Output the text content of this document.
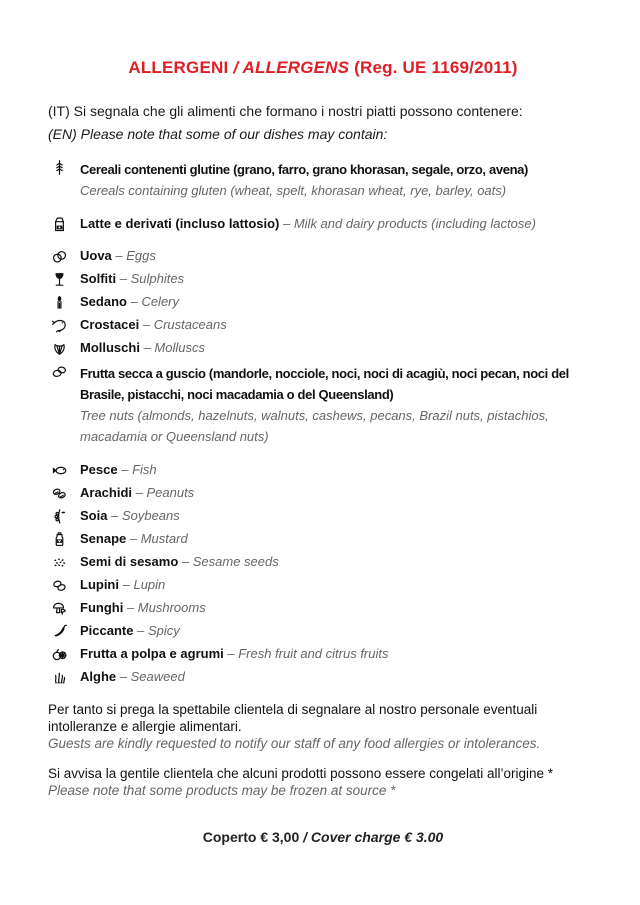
ALLERGENI / ALLERGENS (Reg. UE 1169/2011)
(IT) Si segnala che gli alimenti che formano i nostri piatti possono contenere:
(EN) Please note that some of our dishes may contain:
Cereali contenenti glutine (grano, farro, grano khorasan, segale, orzo, avena)
Cereals containing gluten (wheat, spelt, khorasan wheat, rye, barley, oats)
Latte e derivati (incluso lattosio) – Milk and dairy products (including lactose)
Uova – Eggs
Solfiti – Sulphites
Sedano – Celery
Crostacei – Crustaceans
Molluschi – Molluscs
Frutta secca a guscio (mandorle, nocciole, noci, noci di acagiù, noci pecan, noci del Brasile, pistacchi, noci macadamia o del Queensland)
Tree nuts (almonds, hazelnuts, walnuts, cashews, pecans, Brazil nuts, pistachios, macadamia or Queensland nuts)
Pesce – Fish
Arachidi – Peanuts
Soia – Soybeans
Senape – Mustard
Semi di sesamo – Sesame seeds
Lupini – Lupin
Funghi – Mushrooms
Piccante – Spicy
Frutta a polpa e agrumi – Fresh fruit and citrus fruits
Alghe – Seaweed
Per tanto si prega la spettabile clientela di segnalare al nostro personale eventuali intolleranze e allergie alimentari.
Guests are kindly requested to notify our staff of any food allergies or intolerances.
Si avvisa la gentile clientela che alcuni prodotti possono essere congelati all’origine *
Please note that some products may be frozen at source *
Coperto € 3,00 / Cover charge € 3.00
